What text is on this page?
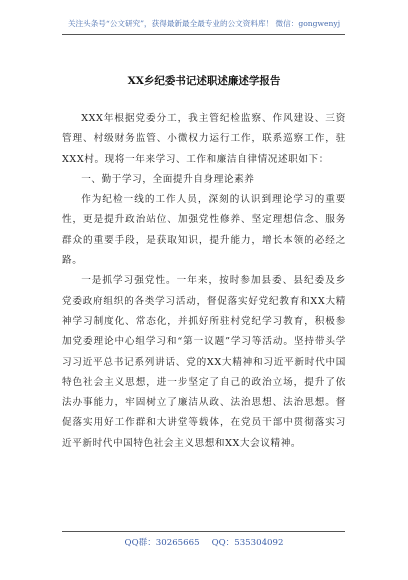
关注头条号“公文研究”，获得最新最全最专业的公文资料库！ 微信：gongwenyj
XX乡纪委书记述职述廉述学报告

XXX年根据党委分工，我主管纪检监察、作风建设、三资管理、村级财务监管、小微权力运行工作，联系巡察工作，驻XXX村。现将一年来学习、工作和廉洁自律情况述职如下：

一、勤于学习，全面提升自身理论素养

作为纪检一线的工作人员，深刻的认识到理论学习的重要性，更是提升政治站位、加强党性修养、坚定理想信念、服务群众的重要手段，是获取知识，提升能力，增长本领的必经之路。

一是抓学习强党性。一年来，按时参加县委、县纪委及乡党委政府组织的各类学习活动，督促落实好党纪教育和XX大精神学习制度化、常态化，并抓好所驻村党纪学习教育，积极参加党委理论中心组学习和“第一议题”学习等活动。坚持带头学习习近平总书记系列讲话、党的XX大精神和习近平新时代中国特色社会主义思想，进一步坚定了自己的政治立场，提升了依法办事能力，牢固树立了廉洁从政、法治思想、法治思想。督促落实用好工作群和大讲堂等载体，在党员干部中贯彻落实习近平新时代中国特色社会主义思想和XX大会议精神。

QQ群：30265665 QQ：535304092
